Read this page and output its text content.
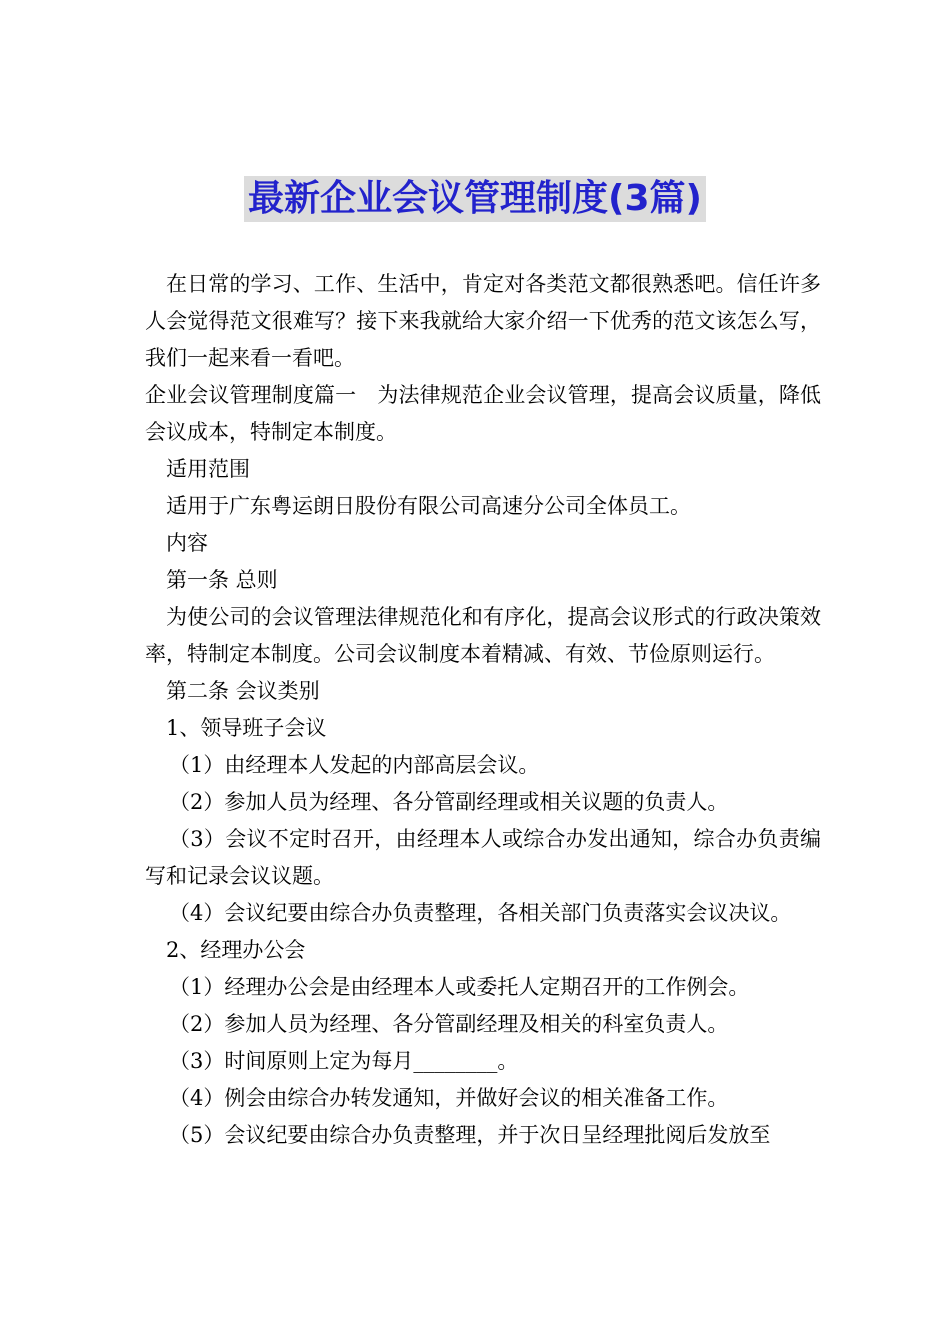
最新企业会议管理制度(3篇)

在日常的学习、工作、生活中，肯定对各类范文都很熟悉吧。信任许多人会觉得范文很难写？接下来我就给大家介绍一下优秀的范文该怎么写，我们一起来看一看吧。

企业会议管理制度篇一　为法律规范企业会议管理，提高会议质量，降低会议成本，特制定本制度。

适用范围

适用于广东粤运朗日股份有限公司高速分公司全体员工。

内容

第一条 总则

为使公司的会议管理法律规范化和有序化，提高会议形式的行政决策效率，特制定本制度。公司会议制度本着精减、有效、节俭原则运行。

第二条 会议类别

1、领导班子会议

（1）由经理本人发起的内部高层会议。

（2）参加人员为经理、各分管副经理或相关议题的负责人。

（3）会议不定时召开，由经理本人或综合办发出通知，综合办负责编写和记录会议议题。

（4）会议纪要由综合办负责整理，各相关部门负责落实会议决议。

2、经理办公会

（1）经理办公会是由经理本人或委托人定期召开的工作例会。

（2）参加人员为经理、各分管副经理及相关的科室负责人。

（3）时间原则上定为每月________。

（4）例会由综合办转发通知，并做好会议的相关准备工作。

（5）会议纪要由综合办负责整理，并于次日呈经理批阅后发放至
